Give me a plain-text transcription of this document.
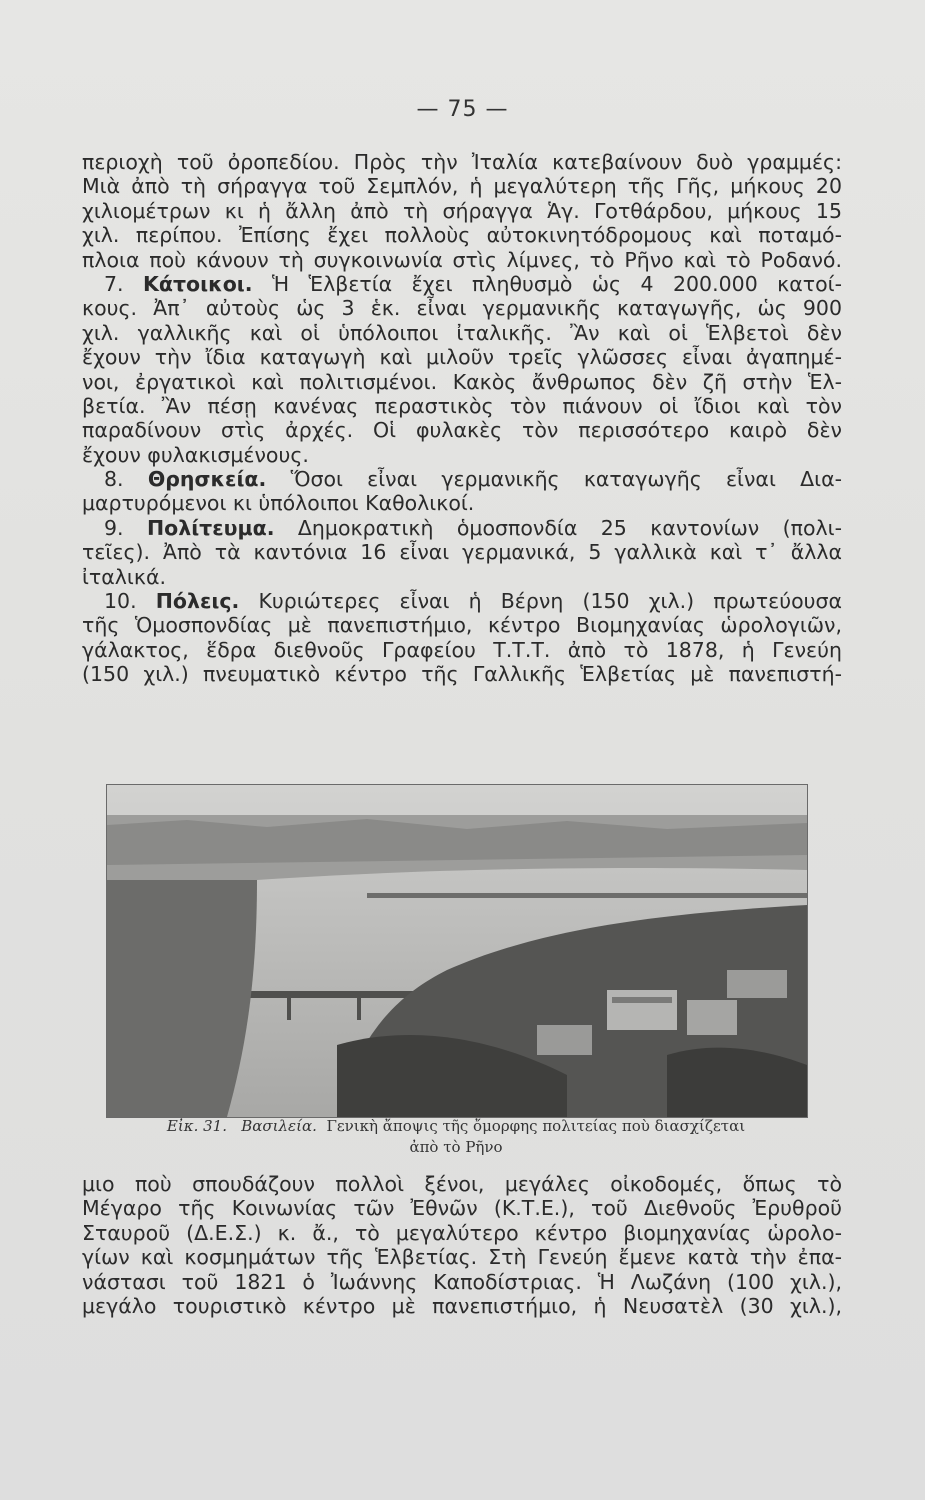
— 75 —
περιοχὴ τοῦ ὀροπεδίου. Πρὸς τὴν Ἰταλία κατεβαίνουν δυὸ γραμμές:
Μιὰ ἀπὸ τὴ σήραγγα τοῦ Σεμπλόν, ἡ μεγαλύτερη τῆς Γῆς, μήκους 20
χιλιομέτρων κι ἡ ἄλλη ἀπὸ τὴ σήραγγα Ἁγ. Γοτθάρδου, μήκους 15
χιλ. περίπου. Ἐπίσης ἔχει πολλοὺς αὐτοκινητόδρομους καὶ ποταμό-
πλοια ποὺ κάνουν τὴ συγκοινωνία στὶς λίμνες, τὸ Ρῆνο καὶ τὸ Ροδανό.
7. Κάτοικοι. Ἡ Ἑλβετία ἔχει πληθυσμὸ ὡς 4 200.000 κατοί-
κους. Ἀπ᾿ αὐτοὺς ὡς 3 ἑκ. εἶναι γερμανικῆς καταγωγῆς, ὡς 900
χιλ. γαλλικῆς καὶ οἱ ὑπόλοιποι ἰταλικῆς. Ἂν καὶ οἱ Ἑλβετοὶ δὲν
ἔχουν τὴν ἴδια καταγωγὴ καὶ μιλοῦν τρεῖς γλῶσσες εἶναι ἀγαπημέ-
νοι, ἐργατικοὶ καὶ πολιτισμένοι. Κακὸς ἄνθρωπος δὲν ζῆ στὴν Ἑλ-
βετία. Ἂν πέσῃ κανένας περαστικὸς τὸν πιάνουν οἱ ἴδιοι καὶ τὸν
παραδίνουν στὶς ἀρχές. Οἱ φυλακὲς τὸν περισσότερο καιρὸ δὲν
ἔχουν φυλακισμένους.
8. Θρησκεία. Ὅσοι εἶναι γερμανικῆς καταγωγῆς εἶναι Δια-
μαρτυρόμενοι κι ὑπόλοιποι Καθολικοί.
9. Πολίτευμα. Δημοκρατικὴ ὁμοσπονδία 25 καντονίων (πολι-
τεῖες). Ἀπὸ τὰ καντόνια 16 εἶναι γερμανικά, 5 γαλλικὰ καὶ τ᾿ ἄλλα
ἰταλικά.
10. Πόλεις. Κυριώτερες εἶναι ἡ Βέρνη (150 χιλ.) πρωτεύουσα
τῆς Ὁμοσπονδίας μὲ πανεπιστήμιο, κέντρο Βιομηχανίας ὡρολογιῶν,
γάλακτος, ἕδρα διεθνοῦς Γραφείου Τ.Τ.Τ. ἀπὸ τὸ 1878, ἡ Γενεύη
(150 χιλ.) πνευματικὸ κέντρο τῆς Γαλλικῆς Ἑλβετίας μὲ πανεπιστή-
Εἰκ. 31. Βασιλεία. Γενικὴ ἄποψις τῆς ὄμορφης πολιτείας ποὺ διασχίζεται
ἀπὸ τὸ Ρῆνο
μιο ποὺ σπουδάζουν πολλοὶ ξένοι, μεγάλες οἰκοδομές, ὅπως τὸ
Μέγαρο τῆς Κοινωνίας τῶν Ἐθνῶν (Κ.Τ.Ε.), τοῦ Διεθνοῦς Ἐρυθροῦ
Σταυροῦ (Δ.Ε.Σ.) κ. ἄ., τὸ μεγαλύτερο κέντρο βιομηχανίας ὡρολο-
γίων καὶ κοσμημάτων τῆς Ἑλβετίας. Στὴ Γενεύη ἔμενε κατὰ τὴν ἐπα-
νάστασι τοῦ 1821 ὁ Ἰωάννης Καποδίστριας. Ἡ Λωζάνη (100 χιλ.),
μεγάλο τουριστικὸ κέντρο μὲ πανεπιστήμιο, ἡ Νευσατὲλ (30 χιλ.),
